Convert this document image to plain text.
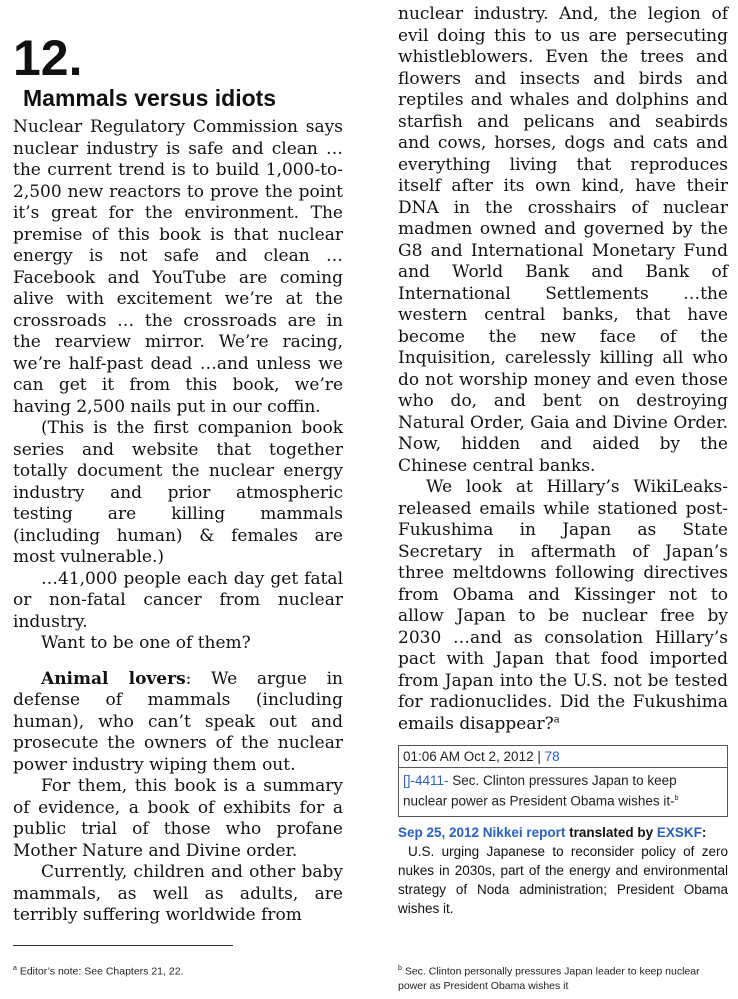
12.
Mammals versus idiots

Nuclear Regulatory Commission says nuclear industry is safe and clean … the current trend is to build 1,000-to-2,500 new reactors to prove the point it’s great for the environment. The premise of this book is that nuclear energy is not safe and clean …Facebook and YouTube are coming alive with excitement we’re at the crossroads … the crossroads are in the rearview mirror. We’re racing, we’re half-past dead …and unless we can get it from this book, we’re having 2,500 nails put in our coffin.

(This is the first companion book series and website that together totally document the nuclear energy industry and prior atmospheric testing are killing mammals (including human) & females are most vulnerable.)

…41,000 people each day get fatal or non-fatal cancer from nuclear industry.

Want to be one of them?

Animal lovers: We argue in defense of mammals (including human), who can’t speak out and prosecute the owners of the nuclear power industry wiping them out.

For them, this book is a summary of evidence, a book of exhibits for a public trial of those who profane Mother Nature and Divine order.

Currently, children and other baby mammals, as well as adults, are terribly suffering worldwide from

nuclear industry. And, the legion of evil doing this to us are persecuting whistleblowers. Even the trees and flowers and insects and birds and reptiles and whales and dolphins and starfish and pelicans and seabirds and cows, horses, dogs and cats and everything living that reproduces itself after its own kind, have their DNA in the crosshairs of nuclear madmen owned and governed by the G8 and International Monetary Fund and World Bank and Bank of International Settlements …the western central banks, that have become the new face of the Inquisition, carelessly killing all who do not worship money and even those who do, and bent on destroying Natural Order, Gaia and Divine Order. Now, hidden and aided by the Chinese central banks.

We look at Hillary’s WikiLeaks-released emails while stationed post-Fukushima in Japan as State Secretary in aftermath of Japan’s three meltdowns following directives from Obama and Kissinger not to allow Japan to be nuclear free by 2030 …and as consolation Hillary’s pact with Japan that food imported from Japan into the U.S. not be tested for radionuclides. Did the Fukushima emails disappear?$^a$

01:06 AM Oct 2, 2012 | 78
[]-4411- Sec. Clinton pressures Japan to keep nuclear power as President Obama wishes it-$^b$
Sep 25, 2012 Nikkei report translated by EXSKF:
U.S. urging Japanese to reconsider policy of zero nukes in 2030s, part of the energy and environmental strategy of Noda administration; President Obama wishes it.
$^a$ Editor’s note: See Chapters 21, 22.	$^b$ Sec. Clinton personally pressures Japan leader to keep nuclear power as President Obama wishes it
